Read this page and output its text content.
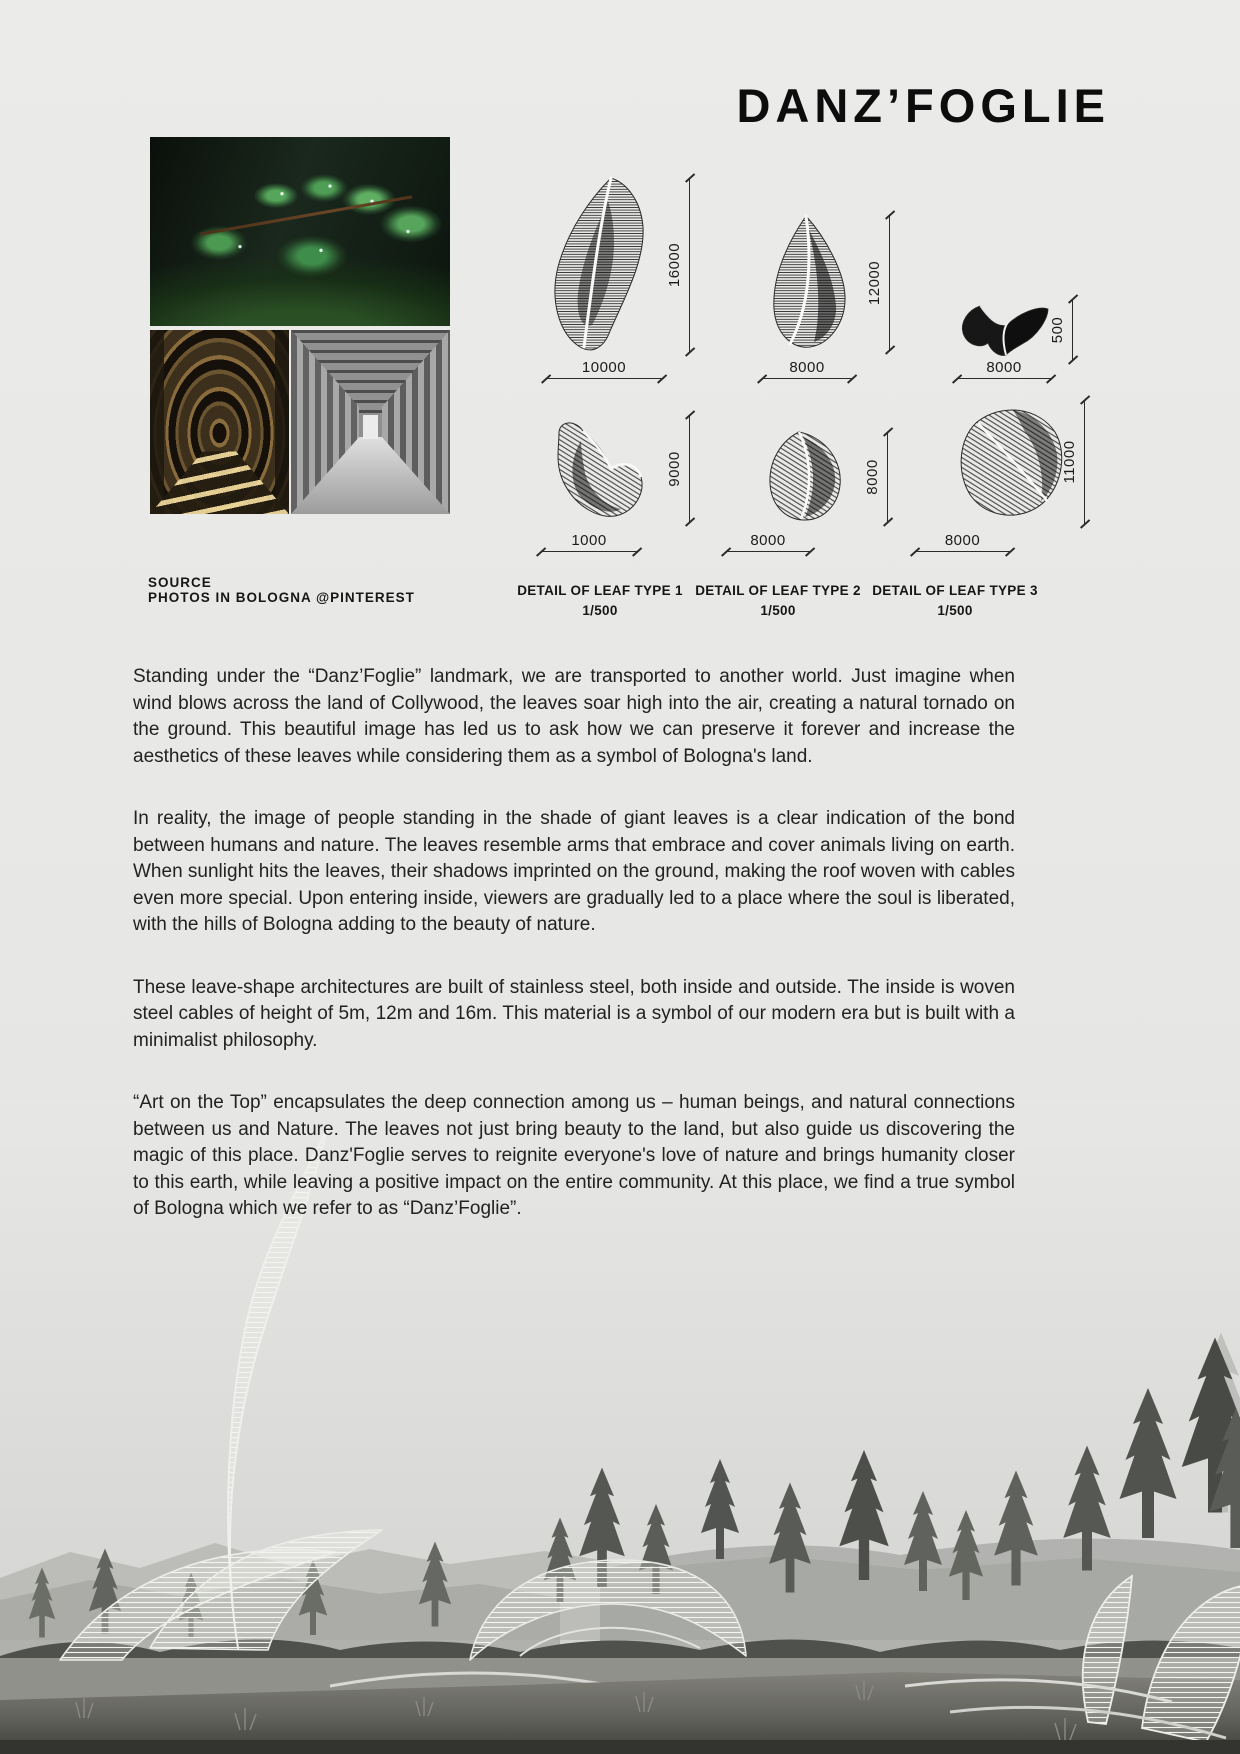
DANZ’FOGLIE
SOURCE
PHOTOS IN BOLOGNA @PINTEREST
16000
10000
12000
8000
500
8000
9000
1000
8000
8000
11000
8000
DETAIL OF LEAF TYPE 1
1/500
DETAIL OF LEAF TYPE 2
1/500
DETAIL OF LEAF TYPE 3
1/500

Standing under the “Danz’Foglie” landmark, we are transported to another world. Just imagine when wind blows across the land of Collywood, the leaves soar high into the air, creating a natural tornado on the ground. This beautiful image has led us to ask how we can preserve it forever and increase the aesthetics of these leaves while considering them as a symbol of Bologna's land.

In reality, the image of people standing in the shade of giant leaves is a clear indication of the bond between humans and nature. The leaves resemble arms that embrace and cover animals living on earth. When sunlight hits the leaves, their shadows imprinted on the ground, making the roof woven with cables even more special. Upon entering inside, viewers are gradually led to a place where the soul is liberated, with the hills of Bologna adding to the beauty of nature.

These leave-shape architectures are built of stainless steel, both inside and outside. The inside is woven steel cables of height of 5m, 12m and 16m. This material is a symbol of our modern era but is built with a minimalist philosophy.

“Art on the Top” encapsulates the deep connection among us – human beings, and natural connections between us and Nature. The leaves not just bring beauty to the land, but also guide us discovering the magic of this place. Danz'Foglie serves to reignite everyone's love of nature and brings humanity closer to this earth, while leaving a positive impact on the entire community. At this place, we find a true symbol of Bologna which we refer to as “Danz’Foglie”.
